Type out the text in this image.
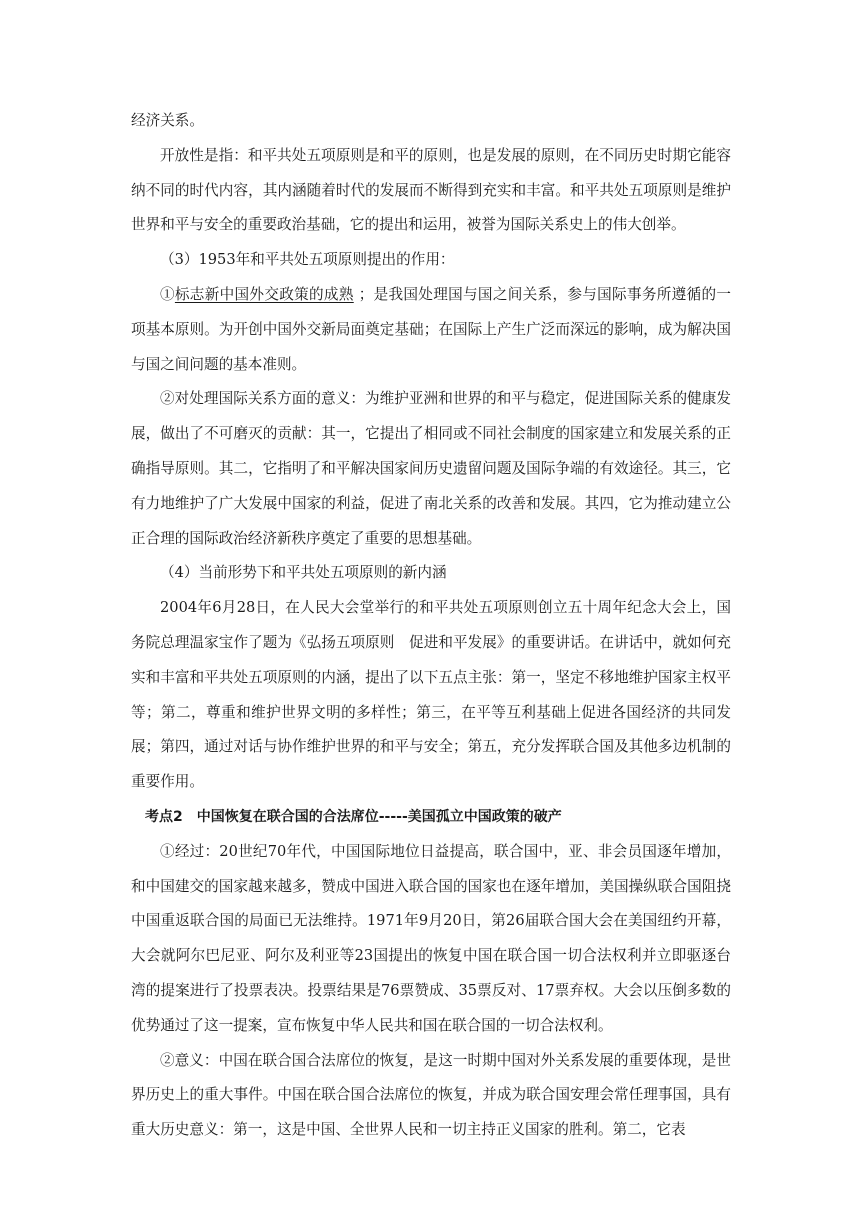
经济关系。

开放性是指：和平共处五项原则是和平的原则，也是发展的原则，在不同历史时期它能容纳不同的时代内容，其内涵随着时代的发展而不断得到充实和丰富。和平共处五项原则是维护世界和平与安全的重要政治基础，它的提出和运用，被誉为国际关系史上的伟大创举。

（3）1953年和平共处五项原则提出的作用：

①标志新中国外交政策的成熟 ；是我国处理国与国之间关系，参与国际事务所遵循的一项基本原则。为开创中国外交新局面奠定基础；在国际上产生广泛而深远的影响，成为解决国与国之间问题的基本准则。

②对处理国际关系方面的意义：为维护亚洲和世界的和平与稳定，促进国际关系的健康发展，做出了不可磨灭的贡献：其一，它提出了相同或不同社会制度的国家建立和发展关系的正确指导原则。其二，它指明了和平解决国家间历史遗留问题及国际争端的有效途径。其三，它有力地维护了广大发展中国家的利益，促进了南北关系的改善和发展。其四，它为推动建立公正合理的国际政治经济新秩序奠定了重要的思想基础。

（4）当前形势下和平共处五项原则的新内涵

2004年6月28日，在人民大会堂举行的和平共处五项原则创立五十周年纪念大会上，国务院总理温家宝作了题为《弘扬五项原则　促进和平发展》的重要讲话。在讲话中，就如何充实和丰富和平共处五项原则的内涵，提出了以下五点主张：第一，坚定不移地维护国家主权平等；第二，尊重和维护世界文明的多样性；第三，在平等互利基础上促进各国经济的共同发展；第四，通过对话与协作维护世界的和平与安全；第五，充分发挥联合国及其他多边机制的重要作用。

考点2　中国恢复在联合国的合法席位-----美国孤立中国政策的破产

①经过：20世纪70年代，中国国际地位日益提高，联合国中，亚、非会员国逐年增加，和中国建交的国家越来越多，赞成中国进入联合国的国家也在逐年增加，美国操纵联合国阻挠中国重返联合国的局面已无法维持。1971年9月20日，第26届联合国大会在美国纽约开幕，大会就阿尔巴尼亚、阿尔及利亚等23国提出的恢复中国在联合国一切合法权利并立即驱逐台湾的提案进行了投票表决。投票结果是76票赞成、35票反对、17票弃权。大会以压倒多数的优势通过了这一提案，宣布恢复中华人民共和国在联合国的一切合法权利。

②意义：中国在联合国合法席位的恢复，是这一时期中国对外关系发展的重要体现，是世界历史上的重大事件。中国在联合国合法席位的恢复，并成为联合国安理会常任理事国，具有重大历史意义：第一，这是中国、全世界人民和一切主持正义国家的胜利。第二，它表
